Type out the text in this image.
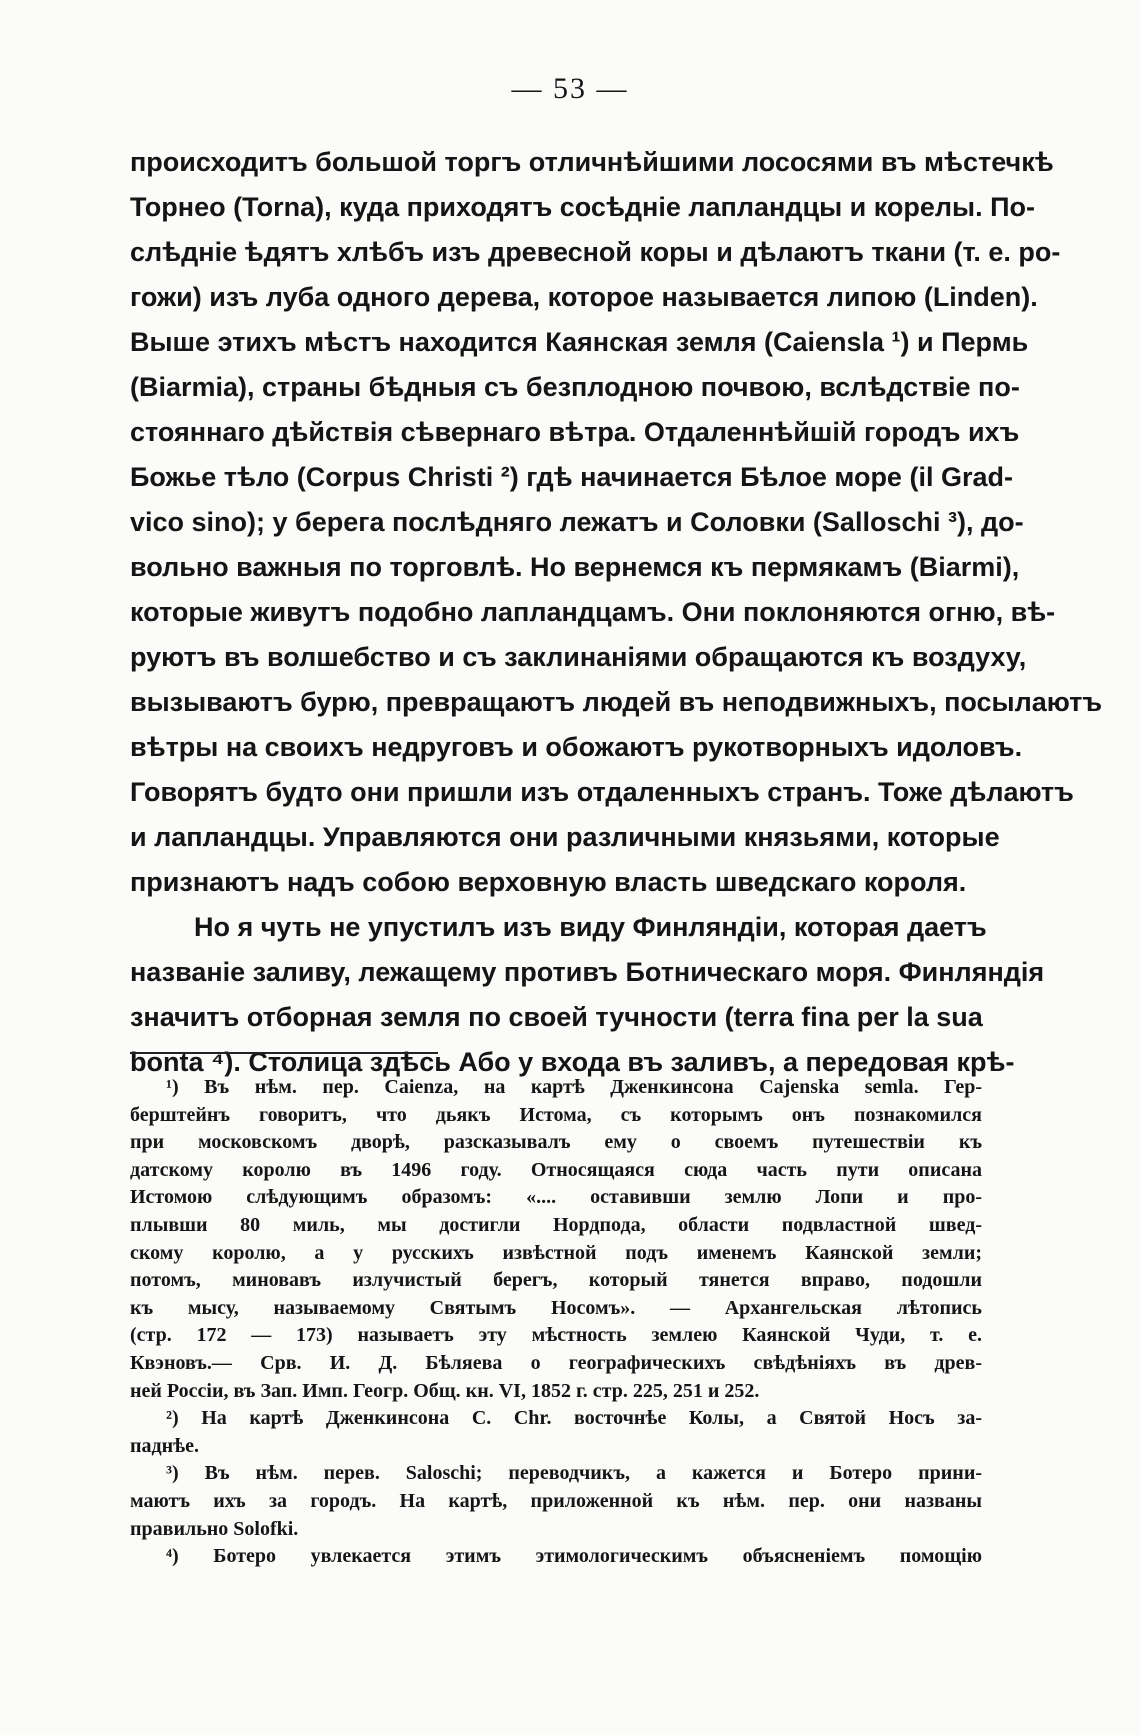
— 53 —
происходитъ большой торгъ отличнѣйшими лососями въ мѣстечкѣ
Торнео (Torna), куда приходятъ сосѣдніе лапландцы и корелы. По-
слѣдніе ѣдятъ хлѣбъ изъ древесной коры и дѣлаютъ ткани (т. е. ро-
гожи) изъ луба одного дерева, которое называется липою (Linden).
Выше этихъ мѣстъ находится Каянская земля (Caiensla ¹) и Пермь
(Biarmia), страны бѣдныя съ безплодною почвою, вслѣдствіе по-
стояннаго дѣйствія сѣвернаго вѣтра. Отдаленнѣйшій городъ ихъ
Божье тѣло (Corpus Christi ²) гдѣ начинается Бѣлое море (il Grad-
vico sino); у берега послѣдняго лежатъ и Соловки (Salloschi ³), до-
вольно важныя по торговлѣ. Но вернемся къ пермякамъ (Biarmi),
которые живутъ подобно лапландцамъ. Они поклоняются огню, вѣ-
руютъ въ волшебство и съ заклинаніями обращаются къ воздуху,
вызываютъ бурю, превращаютъ людей въ неподвижныхъ, посылаютъ
вѣтры на своихъ недруговъ и обожаютъ рукотворныхъ идоловъ.
Говорятъ будто они пришли изъ отдаленныхъ странъ. Тоже дѣлаютъ
и лапландцы. Управляются они различными князьями, которые
признаютъ надъ собою верховную власть шведскаго короля.
Но я чуть не упустилъ изъ виду Финляндіи, которая даетъ
названіе заливу, лежащему противъ Ботническаго моря. Финляндія
значитъ отборная земля по своей тучности (terra fina per la sua
bonta ⁴). Столица здѣсь Або у входа въ заливъ, а передовая крѣ-
¹) Въ нѣм. пер. Caienza, на картѣ Дженкинсона Cajenska semla. Гер-
берштейнъ говоритъ, что дьякъ Истома, съ которымъ онъ познакомился
при московскомъ дворѣ, разсказывалъ ему о своемъ путешествіи къ
датскому королю въ 1496 году. Относящаяся сюда часть пути описана
Истомою слѣдующимъ образомъ: «.... оставивши землю Лопи и про-
плывши 80 миль, мы достигли Нордпода, области подвластной швед-
скому королю, а у русскихъ извѣстной подъ именемъ Каянской земли;
потомъ, миновавъ излучистый берегъ, который тянется вправо, подошли
къ мысу, называемому Святымъ Носомъ». — Архангельская лѣтопись
(стр. 172 — 173) называетъ эту мѣстность землею Каянской Чуди, т. е.
Квэновъ.— Срв. И. Д. Бѣляева о географическихъ свѣдѣніяхъ въ древ-
ней Россіи, въ Зап. Имп. Геогр. Общ. кн. VI, 1852 г. стр. 225, 251 и 252.
²) На картѣ Дженкинсона C. Chr. восточнѣе Колы, а Святой Носъ за-
паднѣе.
³) Въ нѣм. перев. Saloschi; переводчикъ, а кажется и Ботеро прини-
маютъ ихъ за городъ. На картѣ, приложенной къ нѣм. пер. они названы
правильно Solofki.
⁴) Ботеро увлекается этимъ этимологическимъ объясненіемъ помощію
